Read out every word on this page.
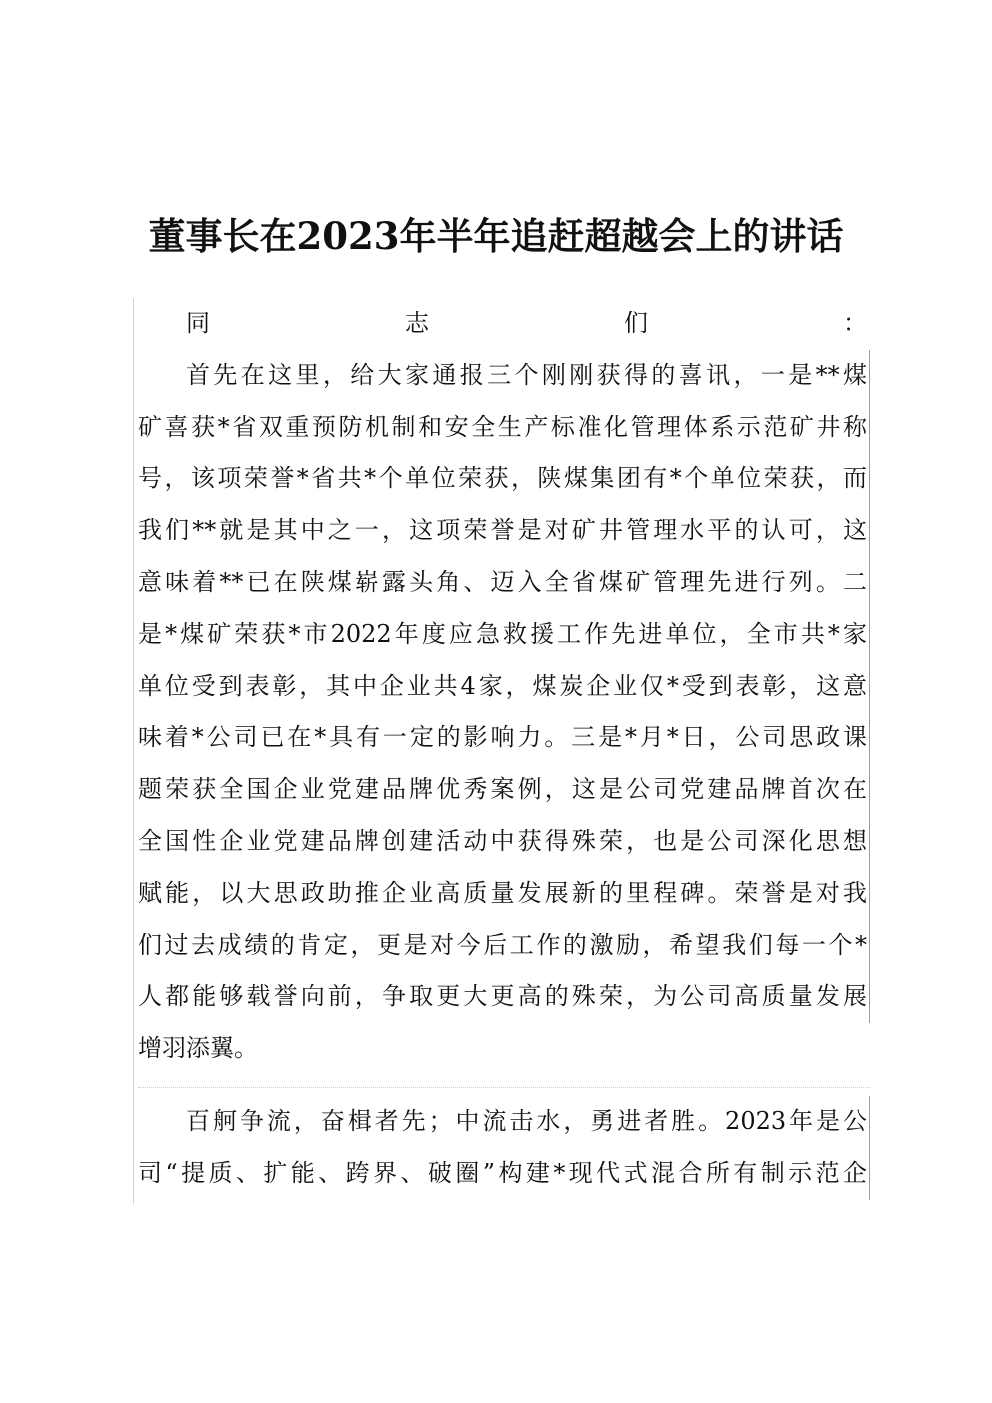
董事长在2023年半年追赶超越会上的讲话
同志们：
首先在这里，给大家通报三个刚刚获得的喜讯，一是**煤
矿喜获*省双重预防机制和安全生产标准化管理体系示范矿井称
号，该项荣誉*省共*个单位荣获，陕煤集团有*个单位荣获，而
我们**就是其中之一，这项荣誉是对矿井管理水平的认可，这
意味着**已在陕煤崭露头角、迈入全省煤矿管理先进行列。二
是*煤矿荣获*市2022年度应急救援工作先进单位，全市共*家
单位受到表彰，其中企业共4家，煤炭企业仅*受到表彰，这意
味着*公司已在*具有一定的影响力。三是*月*日，公司思政课
题荣获全国企业党建品牌优秀案例，这是公司党建品牌首次在
全国性企业党建品牌创建活动中获得殊荣，也是公司深化思想
赋能，以大思政助推企业高质量发展新的里程碑。荣誉是对我
们过去成绩的肯定，更是对今后工作的激励，希望我们每一个*
人都能够载誉向前，争取更大更高的殊荣，为公司高质量发展
增羽添翼。
百舸争流，奋楫者先；中流击水，勇进者胜。2023年是公
司“提质、扩能、跨界、破圈”构建*现代式混合所有制示范企
